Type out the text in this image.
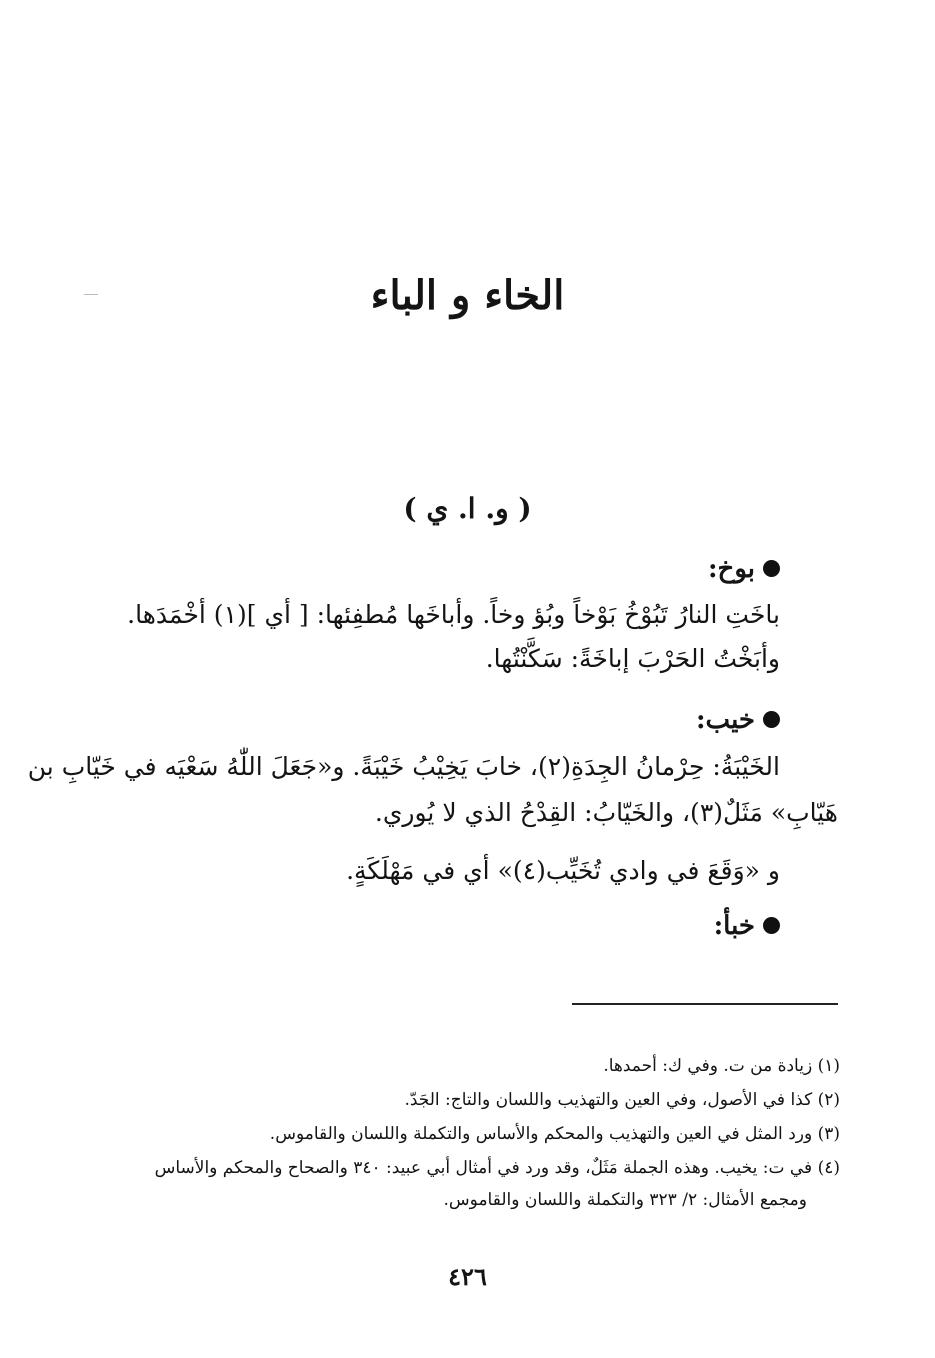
الخاء و الباء
( و. ا. ي )
بوخ:
باخَتِ النارُ تَبُوْخُ بَوْخاً وبُؤ وخاً. وأباخَها مُطفِئها: [ أي ](١) أخْمَدَها.
وأبَخْتُ الحَرْبَ إباخَةً: سَكَّنْتُها.
خيب:
الخَيْبَةُ: حِرْمانُ الجِدَةِ(٢)، خابَ يَخِيْبُ خَيْبَةً. و«جَعَلَ اللّٰهُ سَعْيَه في خَيّابِ بن
هَيّابِ» مَثَلٌ(٣)، والخَيّابُ: القِدْحُ الذي لا يُوري.
و «وَقَعَ في وادي تُخَيِّب(٤)» أي في مَهْلَكَةٍ.
خبأ:
(١) زيادة من ت. وفي ك: أحمدها.
(٢) كذا في الأصول، وفي العين والتهذيب واللسان والتاج: الجَدّ.
(٣) ورد المثل في العين والتهذيب والمحكم والأساس والتكملة واللسان والقاموس.
(٤) في ت: يخيب. وهذه الجملة مَثَلٌ، وقد ورد في أمثال أبي عبيد: ٣٤٠ والصحاح والمحكم والأساس
ومجمع الأمثال: ٢/ ٣٢٣ والتكملة واللسان والقاموس.
٤٢٦
